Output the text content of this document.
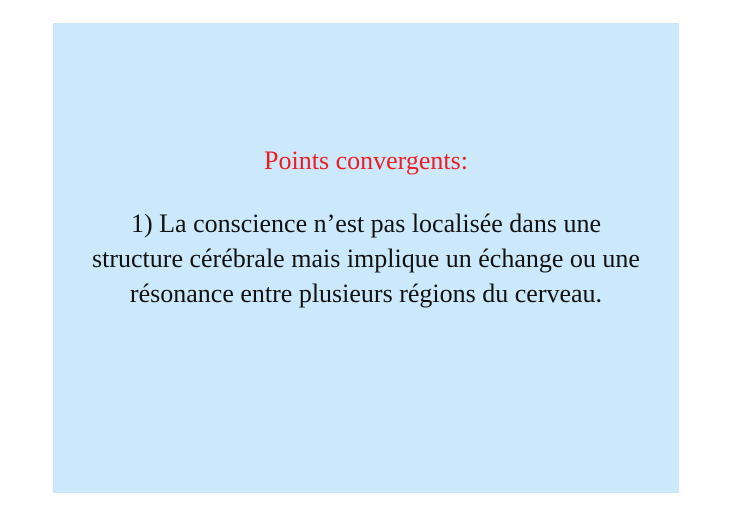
Points convergents:
1) La conscience n’est pas localisée dans une structure cérébrale mais implique un échange ou une résonance entre plusieurs régions du cerveau.
